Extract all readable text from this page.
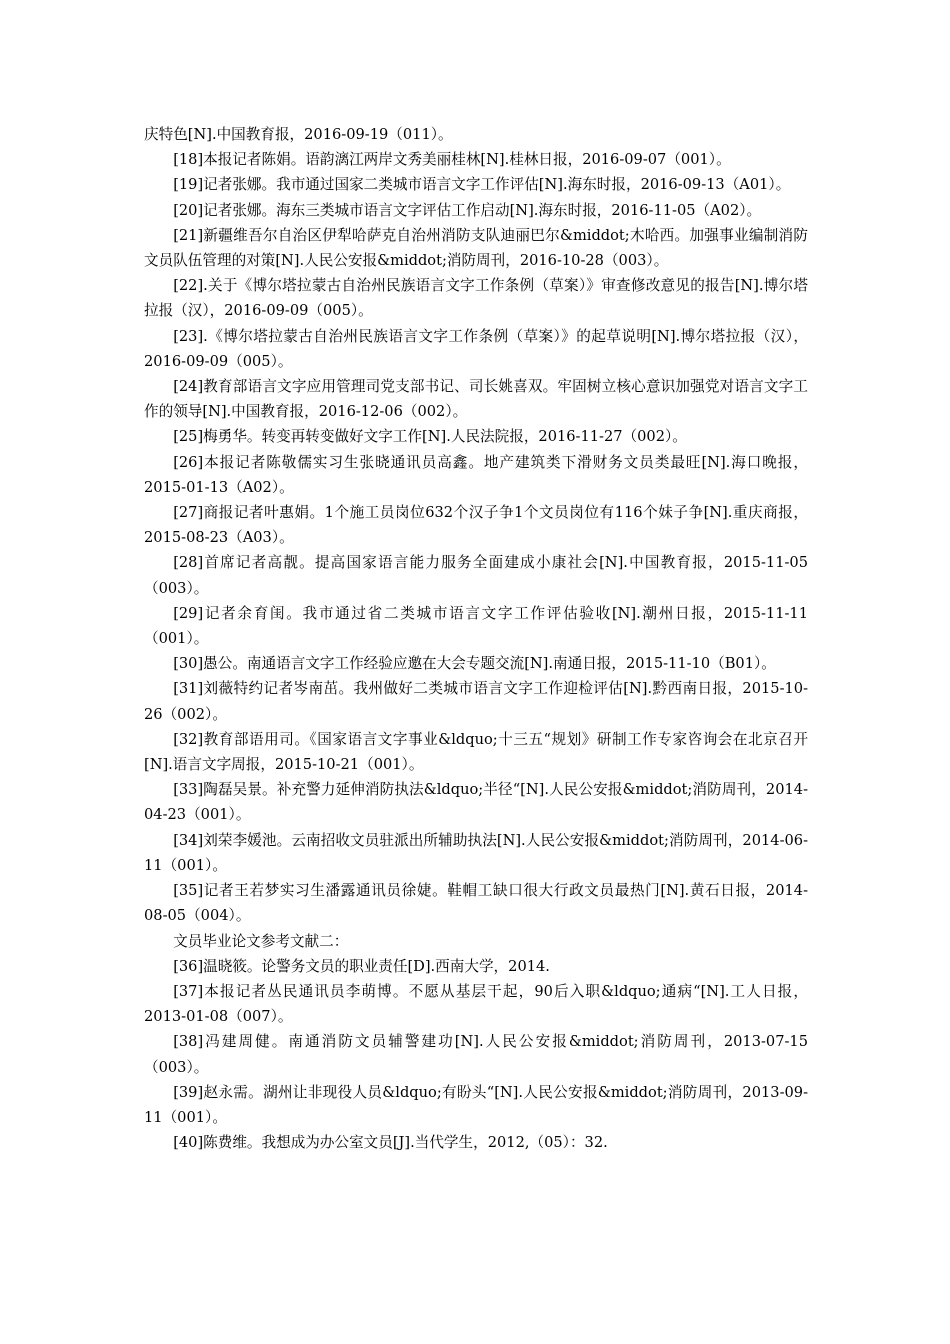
庆特色[N].中国教育报，2016-09-19（011）。

[18]本报记者陈娟。语韵漓江两岸文秀美丽桂林[N].桂林日报，2016-09-07（001）。

[19]记者张娜。我市通过国家二类城市语言文字工作评估[N].海东时报，2016-09-13（A01）。

[20]记者张娜。海东三类城市语言文字评估工作启动[N].海东时报，2016-11-05（A02）。

[21]新疆维吾尔自治区伊犁哈萨克自治州消防支队迪丽巴尔&middot;木哈西。加强事业编制消防文员队伍管理的对策[N].人民公安报&middot;消防周刊，2016-10-28（003）。

[22].关于《博尔塔拉蒙古自治州民族语言文字工作条例（草案）》审查修改意见的报告[N].博尔塔拉报（汉），2016-09-09（005）。

[23].《博尔塔拉蒙古自治州民族语言文字工作条例（草案）》的起草说明[N].博尔塔拉报（汉），2016-09-09（005）。

[24]教育部语言文字应用管理司党支部书记、司长姚喜双。牢固树立核心意识加强党对语言文字工作的领导[N].中国教育报，2016-12-06（002）。

[25]梅勇华。转变再转变做好文字工作[N].人民法院报，2016-11-27（002）。

[26]本报记者陈敬儒实习生张晓通讯员高鑫。地产建筑类下滑财务文员类最旺[N].海口晚报，2015-01-13（A02）。

[27]商报记者叶惠娟。1个施工员岗位632个汉子争1个文员岗位有116个妹子争[N].重庆商报，2015-08-23（A03）。

[28]首席记者高靓。提高国家语言能力服务全面建成小康社会[N].中国教育报，2015-11-05（003）。

[29]记者余育闺。我市通过省二类城市语言文字工作评估验收[N].潮州日报，2015-11-11（001）。

[30]愚公。南通语言文字工作经验应邀在大会专题交流[N].南通日报，2015-11-10（B01）。

[31]刘薇特约记者岑南茁。我州做好二类城市语言文字工作迎检评估[N].黔西南日报，2015-10-26（002）。

[32]教育部语用司。《国家语言文字事业&ldquo;十三五“规划》研制工作专家咨询会在北京召开[N].语言文字周报，2015-10-21（001）。

[33]陶磊吴景。补充警力延伸消防执法&ldquo;半径“[N].人民公安报&middot;消防周刊，2014-04-23（001）。

[34]刘荣李媛池。云南招收文员驻派出所辅助执法[N].人民公安报&middot;消防周刊，2014-06-11（001）。

[35]记者王若梦实习生潘露通讯员徐婕。鞋帽工缺口很大行政文员最热门[N].黄石日报，2014-08-05（004）。

文员毕业论文参考文献二：

[36]温晓筱。论警务文员的职业责任[D].西南大学，2014.

[37]本报记者丛民通讯员李萌博。不愿从基层干起，90后入职&ldquo;通病“[N].工人日报，2013-01-08（007）。

[38]冯建周健。南通消防文员辅警建功[N].人民公安报&middot;消防周刊，2013-07-15（003）。

[39]赵永需。湖州让非现役人员&ldquo;有盼头“[N].人民公安报&middot;消防周刊，2013-09-11（001）。

[40]陈费维。我想成为办公室文员[J].当代学生，2012,（05）：32.
